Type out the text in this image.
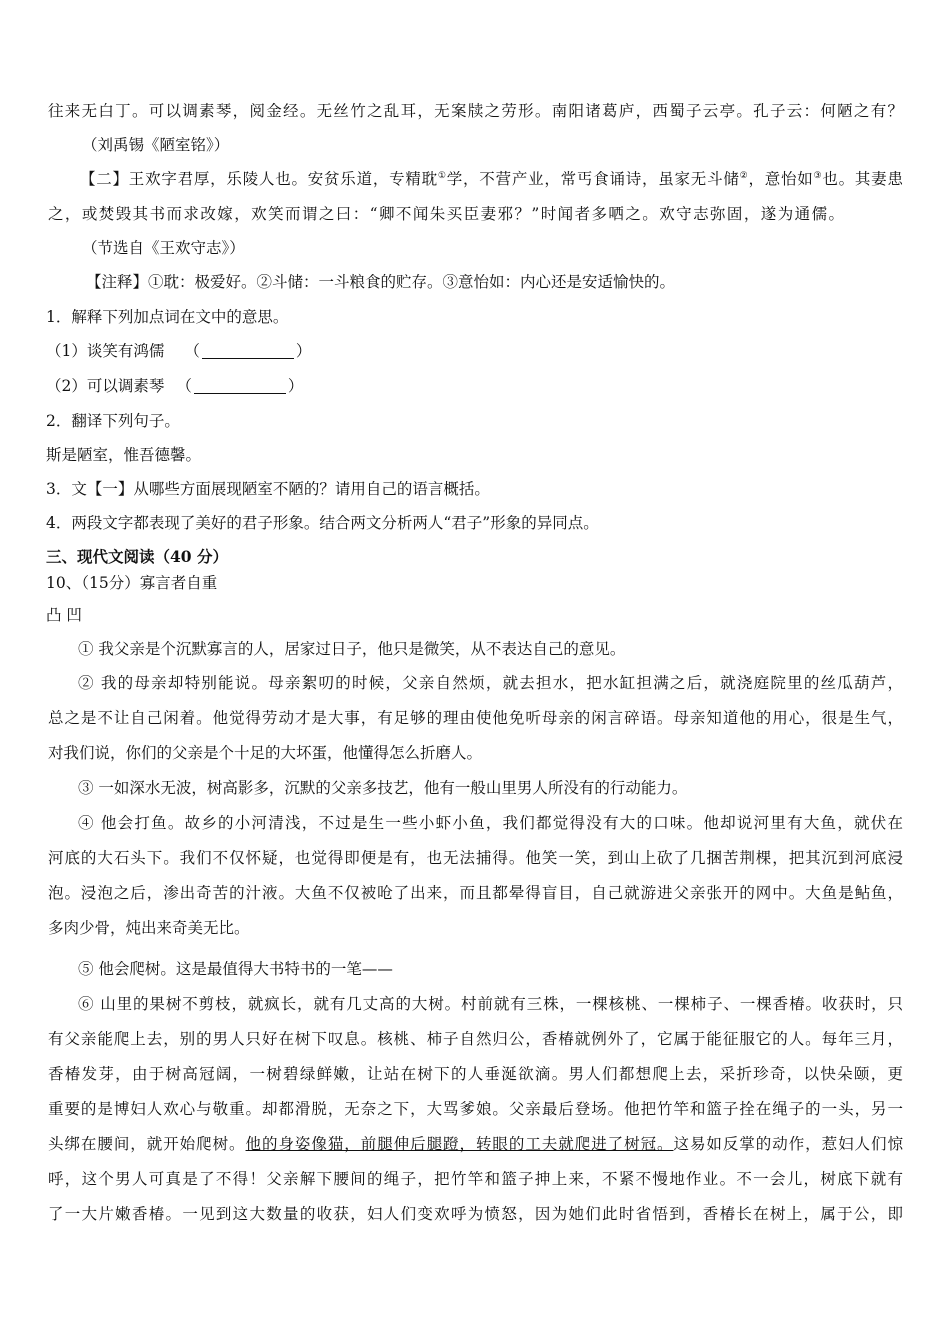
往来无白丁。可以调素琴，阅金经。无丝竹之乱耳，无案牍之劳形。南阳诸葛庐，西蜀子云亭。孔子云：何陋之有？

（刘禹锡《陋室铭》）

【二】王欢字君厚，乐陵人也。安贫乐道，专精耽①学，不营产业，常丐食诵诗，虽家无斗储②，意怡如③也。其妻患

之，或焚毁其书而求改嫁，欢笑而谓之曰：“卿不闻朱买臣妻邪？”时闻者多哂之。欢守志弥固，遂为通儒。

（节选自《王欢守志》）

【注释】①耽：极爱好。②斗储：一斗粮食的贮存。③意怡如：内心还是安适愉快的。

1．解释下列加点词在文中的意思。

（1）谈笑有鸿儒 （	）

（2）可以调素琴 （	）

2．翻译下列句子。

斯是陋室，惟吾德馨。

3．文【一】从哪些方面展现陋室不陋的？请用自己的语言概括。

4．两段文字都表现了美好的君子形象。结合两文分析两人“君子”形象的异同点。

三、现代文阅读（40 分）

10、（15分）寡言者自重

凸 凹

① 我父亲是个沉默寡言的人，居家过日子，他只是微笑，从不表达自己的意见。

② 我的母亲却特别能说。母亲絮叨的时候，父亲自然烦，就去担水，把水缸担满之后，就浇庭院里的丝瓜葫芦，

总之是不让自己闲着。他觉得劳动才是大事，有足够的理由使他免听母亲的闲言碎语。母亲知道他的用心，很是生气，

对我们说，你们的父亲是个十足的大坏蛋，他懂得怎么折磨人。

③ 一如深水无波，树高影多，沉默的父亲多技艺，他有一般山里男人所没有的行动能力。

④ 他会打鱼。故乡的小河清浅，不过是生一些小虾小鱼，我们都觉得没有大的口味。他却说河里有大鱼，就伏在

河底的大石头下。我们不仅怀疑，也觉得即便是有，也无法捕得。他笑一笑，到山上砍了几捆苦荆棵，把其沉到河底浸

泡。浸泡之后，渗出奇苦的汁液。大鱼不仅被呛了出来，而且都晕得盲目，自己就游进父亲张开的网中。大鱼是鲇鱼，

多肉少骨，炖出来奇美无比。

⑤ 他会爬树。这是最值得大书特书的一笔——

⑥ 山里的果树不剪枝，就疯长，就有几丈高的大树。村前就有三株，一棵核桃、一棵柿子、一棵香椿。收获时，只

有父亲能爬上去，别的男人只好在树下叹息。核桃、柿子自然归公，香椿就例外了，它属于能征服它的人。每年三月，

香椿发芽，由于树高冠阔，一树碧绿鲜嫩，让站在树下的人垂涎欲滴。男人们都想爬上去，采折珍奇，以快朵颐，更

重要的是博妇人欢心与敬重。却都滑脱，无奈之下，大骂爹娘。父亲最后登场。他把竹竿和篮子拴在绳子的一头，另一

头绑在腰间，就开始爬树。他的身姿像猫，前腿伸后腿蹬，转眼的工夫就爬进了树冠。这易如反掌的动作，惹妇人们惊

呼，这个男人可真是了不得！父亲解下腰间的绳子，把竹竿和篮子抻上来，不紧不慢地作业。不一会儿，树底下就有

了一大片嫩香椿。一见到这大数量的收获，妇人们变欢呼为愤怒，因为她们此时省悟到，香椿长在树上，属于公，即
